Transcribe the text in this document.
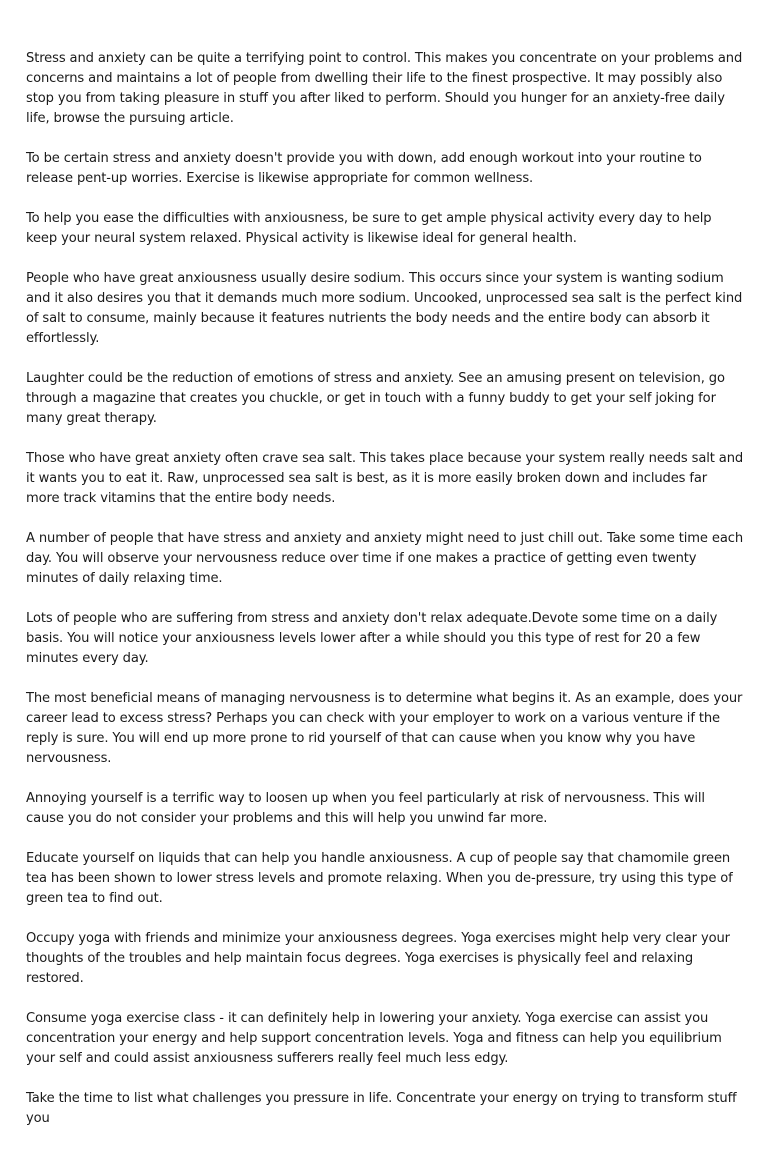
Stress and anxiety can be quite a terrifying point to control. This makes you concentrate on your problems and concerns and maintains a lot of people from dwelling their life to the finest prospective. It may possibly also stop you from taking pleasure in stuff you after liked to perform. Should you hunger for an anxiety-free daily life, browse the pursuing article.

To be certain stress and anxiety doesn't provide you with down, add enough workout into your routine to release pent-up worries. Exercise is likewise appropriate for common wellness.

To help you ease the difficulties with anxiousness, be sure to get ample physical activity every day to help keep your neural system relaxed. Physical activity is likewise ideal for general health.

People who have great anxiousness usually desire sodium. This occurs since your system is wanting sodium and it also desires you that it demands much more sodium. Uncooked, unprocessed sea salt is the perfect kind of salt to consume, mainly because it features nutrients the body needs and the entire body can absorb it effortlessly.

Laughter could be the reduction of emotions of stress and anxiety. See an amusing present on television, go through a magazine that creates you chuckle, or get in touch with a funny buddy to get your self joking for many great therapy.

Those who have great anxiety often crave sea salt. This takes place because your system really needs salt and it wants you to eat it. Raw, unprocessed sea salt is best, as it is more easily broken down and includes far more track vitamins that the entire body needs.

A number of people that have stress and anxiety and anxiety might need to just chill out. Take some time each day. You will observe your nervousness reduce over time if one makes a practice of getting even twenty minutes of daily relaxing time.

Lots of people who are suffering from stress and anxiety don't relax adequate.Devote some time on a daily basis. You will notice your anxiousness levels lower after a while should you this type of rest for 20 a few minutes every day.

The most beneficial means of managing nervousness is to determine what begins it. As an example, does your career lead to excess stress? Perhaps you can check with your employer to work on a various venture if the reply is sure. You will end up more prone to rid yourself of that can cause when you know why you have nervousness.

Annoying yourself is a terrific way to loosen up when you feel particularly at risk of nervousness. This will cause you do not consider your problems and this will help you unwind far more.

Educate yourself on liquids that can help you handle anxiousness. A cup of people say that chamomile green tea has been shown to lower stress levels and promote relaxing. When you de-pressure, try using this type of green tea to find out.

Occupy yoga with friends and minimize your anxiousness degrees. Yoga exercises might help very clear your thoughts of the troubles and help maintain focus degrees. Yoga exercises is physically feel and relaxing restored.

Consume yoga exercise class - it can definitely help in lowering your anxiety. Yoga exercise can assist you concentration your energy and help support concentration levels. Yoga and fitness can help you equilibrium your self and could assist anxiousness sufferers really feel much less edgy.

Take the time to list what challenges you pressure in life. Concentrate your energy on trying to transform stuff you
